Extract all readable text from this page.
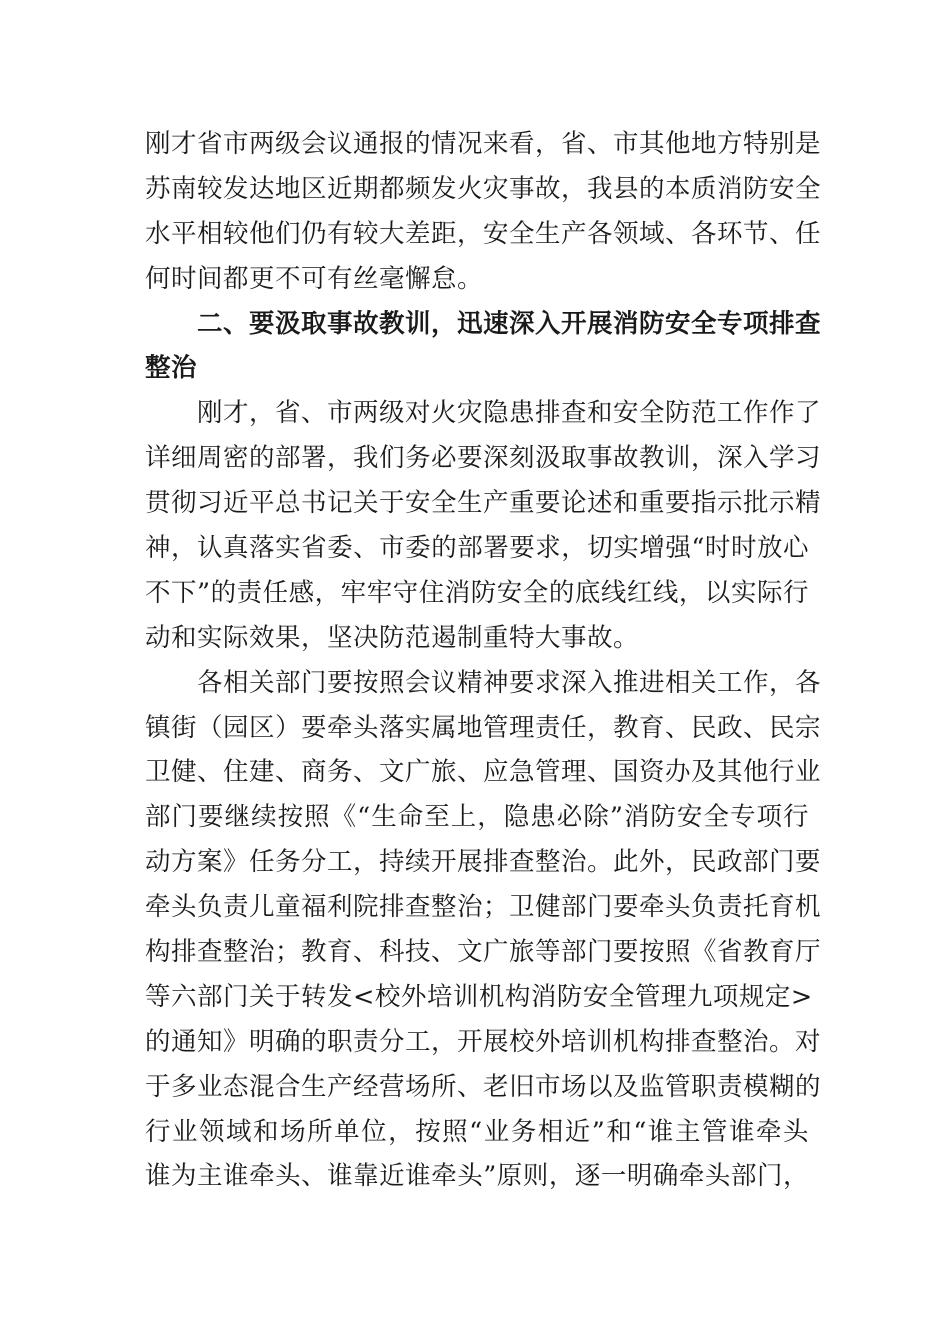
刚才省市两级会议通报的情况来看，省、市其他地方特别是
苏南较发达地区近期都频发火灾事故，我县的本质消防安全
水平相较他们仍有较大差距，安全生产各领域、各环节、任
何时间都更不可有丝毫懈怠。
二、要汲取事故教训，迅速深入开展消防安全专项排查
整治
刚才，省、市两级对火灾隐患排查和安全防范工作作了
详细周密的部署，我们务必要深刻汲取事故教训，深入学习
贯彻习近平总书记关于安全生产重要论述和重要指示批示精
神，认真落实省委、市委的部署要求，切实增强“时时放心
不下”的责任感，牢牢守住消防安全的底线红线，以实际行
动和实际效果，坚决防范遏制重特大事故。
各相关部门要按照会议精神要求深入推进相关工作，各
镇街（园区）要牵头落实属地管理责任，教育、民政、民宗
卫健、住建、商务、文广旅、应急管理、国资办及其他行业
部门要继续按照《“生命至上，隐患必除”消防安全专项行
动方案》任务分工，持续开展排查整治。此外，民政部门要
牵头负责儿童福利院排查整治；卫健部门要牵头负责托育机
构排查整治；教育、科技、文广旅等部门要按照《省教育厅
等六部门关于转发<校外培训机构消防安全管理九项规定>
的通知》明确的职责分工，开展校外培训机构排查整治。对
于多业态混合生产经营场所、老旧市场以及监管职责模糊的
行业领域和场所单位，按照“业务相近”和“谁主管谁牵头
谁为主谁牵头、谁靠近谁牵头”原则，逐一明确牵头部门，
